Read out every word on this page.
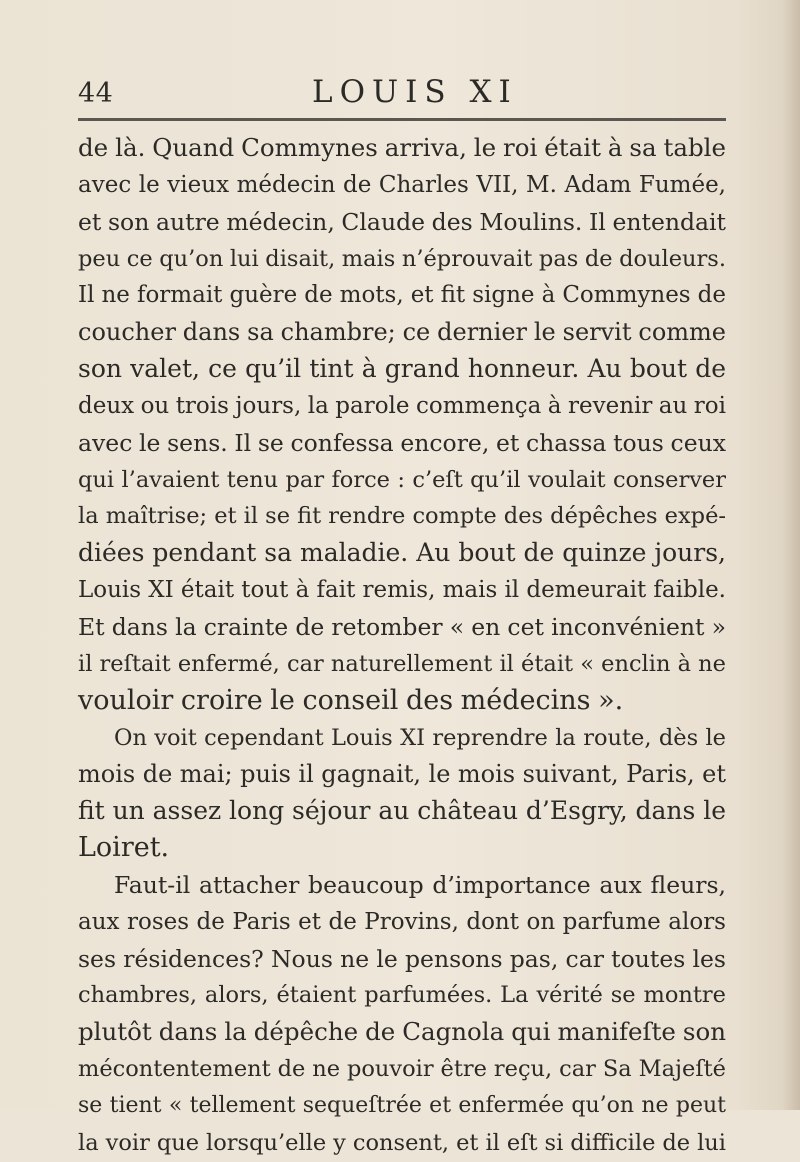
44	LOUIS XI
de là. Quand Commynes arriva, le roi était à sa table
avec le vieux médecin de Charles VII, M. Adam Fumée,
et son autre médecin, Claude des Moulins. Il entendait
peu ce qu’on lui disait, mais n’éprouvait pas de douleurs.
Il ne formait guère de mots, et fit signe à Commynes de
coucher dans sa chambre; ce dernier le servit comme
son valet, ce qu’il tint à grand honneur. Au bout de
deux ou trois jours, la parole commença à revenir au roi
avec le sens. Il se confessa encore, et chassa tous ceux
qui l’avaient tenu par force : c’eſt qu’il voulait conserver
la maîtrise; et il se fit rendre compte des dépêches expé-
diées pendant sa maladie. Au bout de quinze jours,
Louis XI était tout à fait remis, mais il demeurait faible.
Et dans la crainte de retomber « en cet inconvénient »
il reſtait enfermé, car naturellement il était « enclin à ne
vouloir croire le conseil des médecins ».
On voit cependant Louis XI reprendre la route, dès le
mois de mai; puis il gagnait, le mois suivant, Paris, et
fit un assez long séjour au château d’Esgry, dans le
Loiret.
Faut-il attacher beaucoup d’importance aux fleurs,
aux roses de Paris et de Provins, dont on parfume alors
ses résidences? Nous ne le pensons pas, car toutes les
chambres, alors, étaient parfumées. La vérité se montre
plutôt dans la dépêche de Cagnola qui manifeſte son
mécontentement de ne pouvoir être reçu, car Sa Majeſté
se tient « tellement sequeſtrée et enfermée qu’on ne peut
la voir que lorsqu’elle y consent, et il eſt si difficile de lui
